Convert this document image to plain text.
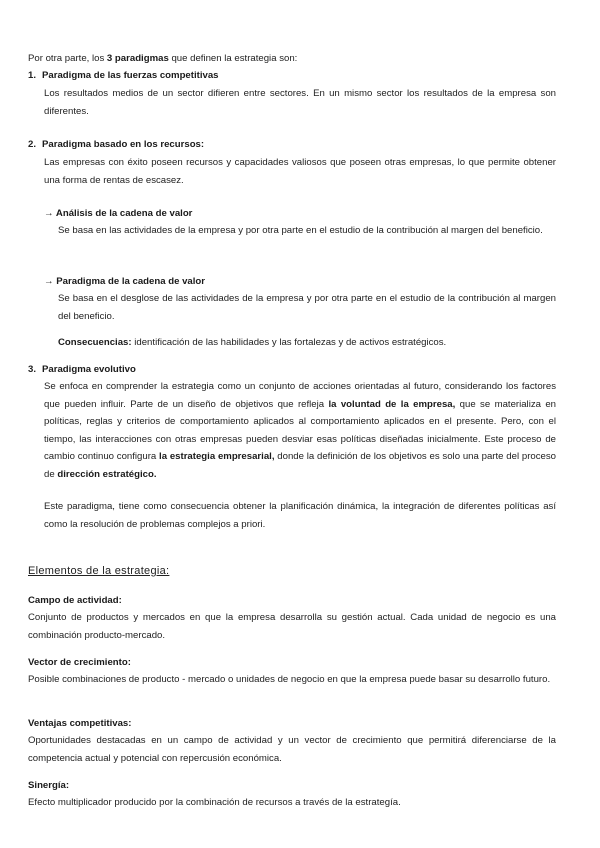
Por otra parte, los 3 paradigmas que definen la estrategia son:

1. Paradigma de las fuerzas competitivas

Los resultados medios de un sector difieren entre sectores. En un mismo sector los resultados de la empresa son diferentes.

2. Paradigma basado en los recursos:

Las empresas con éxito poseen recursos y capacidades valiosos que poseen otras empresas, lo que permite obtener una forma de rentas de escasez.

→ Análisis de la cadena de valor

Se basa en las actividades de la empresa y por otra parte en el estudio de la contribución al margen del beneficio.

→ Paradigma de la cadena de valor

Se basa en el desglose de las actividades de la empresa y por otra parte en el estudio de la contribución al margen del beneficio.

Consecuencias: identificación de las habilidades y las fortalezas y de activos estratégicos.

3. Paradigma evolutivo

Se enfoca en comprender la estrategia como un conjunto de acciones orientadas al futuro, considerando los factores que pueden influir. Parte de un diseño de objetivos que refleja la voluntad de la empresa, que se materializa en políticas, reglas y criterios de comportamiento aplicados al comportamiento aplicados en el presente. Pero, con el tiempo, las interacciones con otras empresas pueden desviar esas políticas diseñadas inicialmente. Este proceso de cambio continuo configura la estrategia empresarial, donde la definición de los objetivos es solo una parte del proceso de dirección estratégico.

Este paradigma, tiene como consecuencia obtener la planificación dinámica, la integración de diferentes políticas así como la resolución de problemas complejos a priori.

Elementos de la estrategia:

Campo de actividad:

Conjunto de productos y mercados en que la empresa desarrolla su gestión actual. Cada unidad de negocio es una combinación producto-mercado.

Vector de crecimiento:

Posible combinaciones de producto - mercado o unidades de negocio en que la empresa puede basar su desarrollo futuro.

Ventajas competitivas:

Oportunidades destacadas en un campo de actividad y un vector de crecimiento que permitirá diferenciarse de la competencia actual y potencial con repercusión económica.

Sinergía:

Efecto multiplicador producido por la combinación de recursos a través de la estrategía.
